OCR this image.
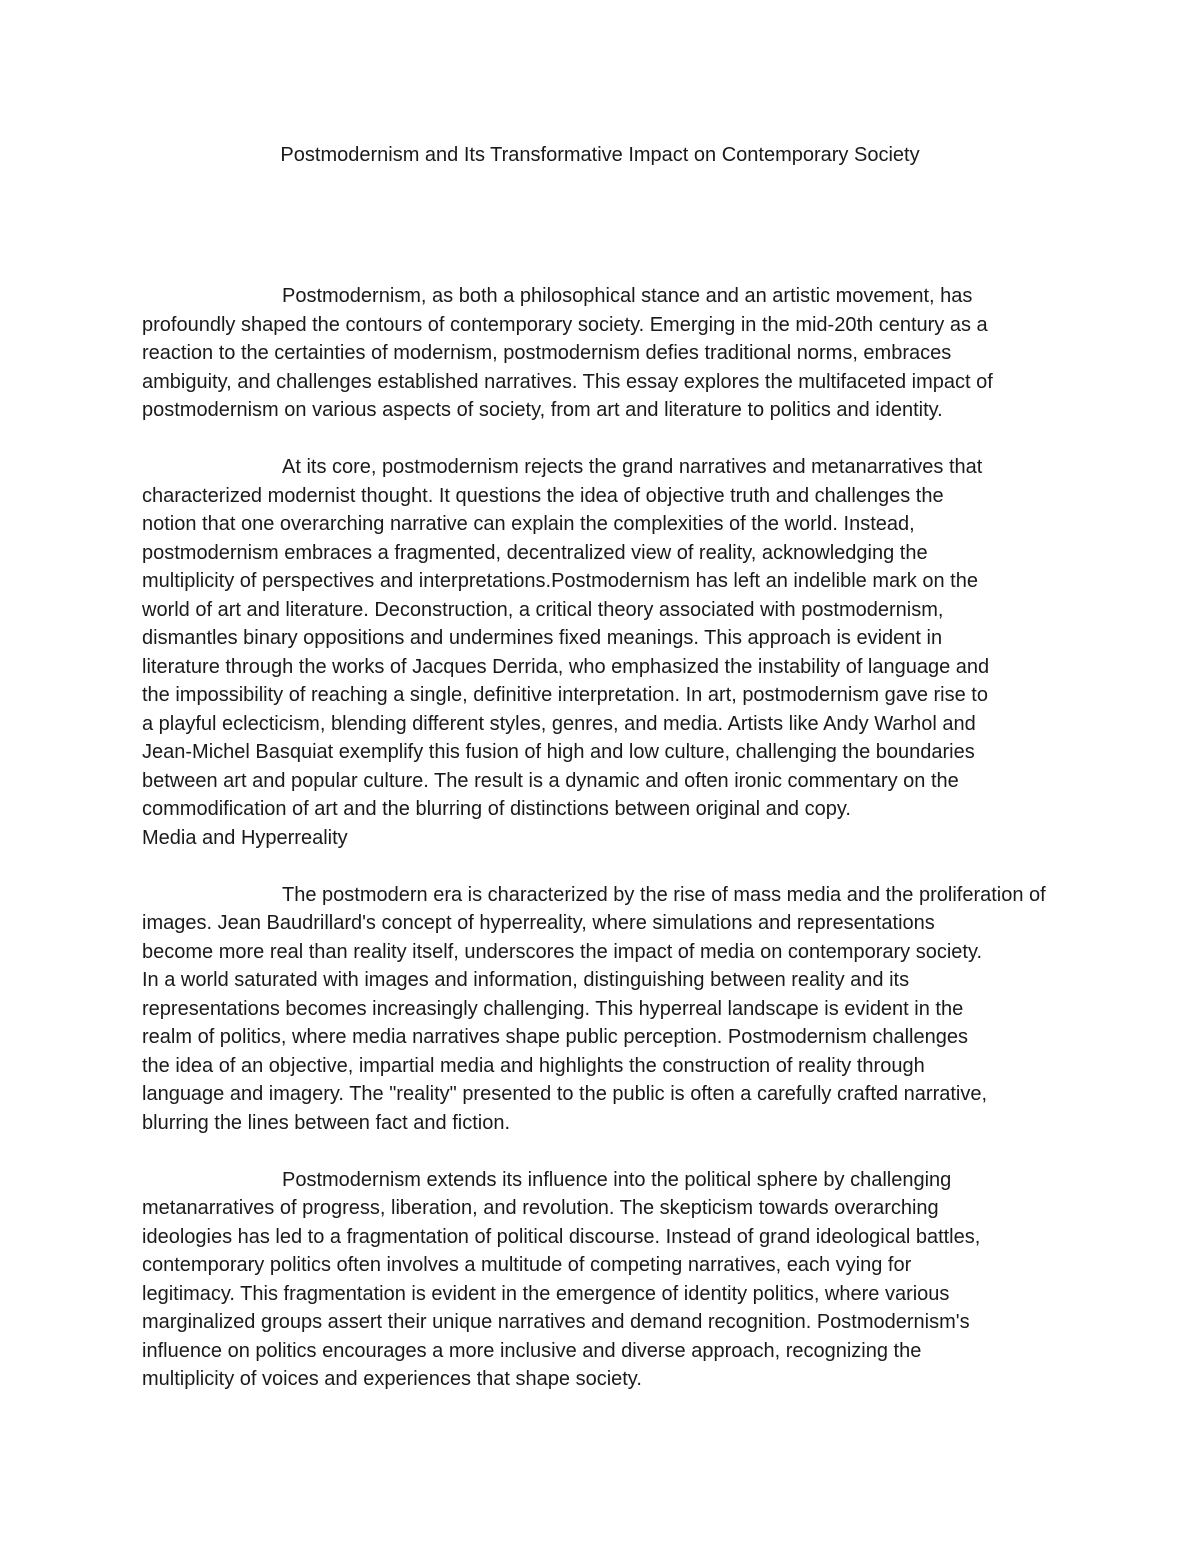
Postmodernism and Its Transformative Impact on Contemporary Society

Postmodernism, as both a philosophical stance and an artistic movement, has
profoundly shaped the contours of contemporary society. Emerging in the mid-20th century as a
reaction to the certainties of modernism, postmodernism defies traditional norms, embraces
ambiguity, and challenges established narratives. This essay explores the multifaceted impact of
postmodernism on various aspects of society, from art and literature to politics and identity.

At its core, postmodernism rejects the grand narratives and metanarratives that
characterized modernist thought. It questions the idea of objective truth and challenges the
notion that one overarching narrative can explain the complexities of the world. Instead,
postmodernism embraces a fragmented, decentralized view of reality, acknowledging the
multiplicity of perspectives and interpretations.Postmodernism has left an indelible mark on the
world of art and literature. Deconstruction, a critical theory associated with postmodernism,
dismantles binary oppositions and undermines fixed meanings. This approach is evident in
literature through the works of Jacques Derrida, who emphasized the instability of language and
the impossibility of reaching a single, definitive interpretation. In art, postmodernism gave rise to
a playful eclecticism, blending different styles, genres, and media. Artists like Andy Warhol and
Jean-Michel Basquiat exemplify this fusion of high and low culture, challenging the boundaries
between art and popular culture. The result is a dynamic and often ironic commentary on the
commodification of art and the blurring of distinctions between original and copy.

Media and Hyperreality

The postmodern era is characterized by the rise of mass media and the proliferation of
images. Jean Baudrillard's concept of hyperreality, where simulations and representations
become more real than reality itself, underscores the impact of media on contemporary society.
In a world saturated with images and information, distinguishing between reality and its
representations becomes increasingly challenging. This hyperreal landscape is evident in the
realm of politics, where media narratives shape public perception. Postmodernism challenges
the idea of an objective, impartial media and highlights the construction of reality through
language and imagery. The "reality" presented to the public is often a carefully crafted narrative,
blurring the lines between fact and fiction.

Postmodernism extends its influence into the political sphere by challenging
metanarratives of progress, liberation, and revolution. The skepticism towards overarching
ideologies has led to a fragmentation of political discourse. Instead of grand ideological battles,
contemporary politics often involves a multitude of competing narratives, each vying for
legitimacy. This fragmentation is evident in the emergence of identity politics, where various
marginalized groups assert their unique narratives and demand recognition. Postmodernism's
influence on politics encourages a more inclusive and diverse approach, recognizing the
multiplicity of voices and experiences that shape society.
